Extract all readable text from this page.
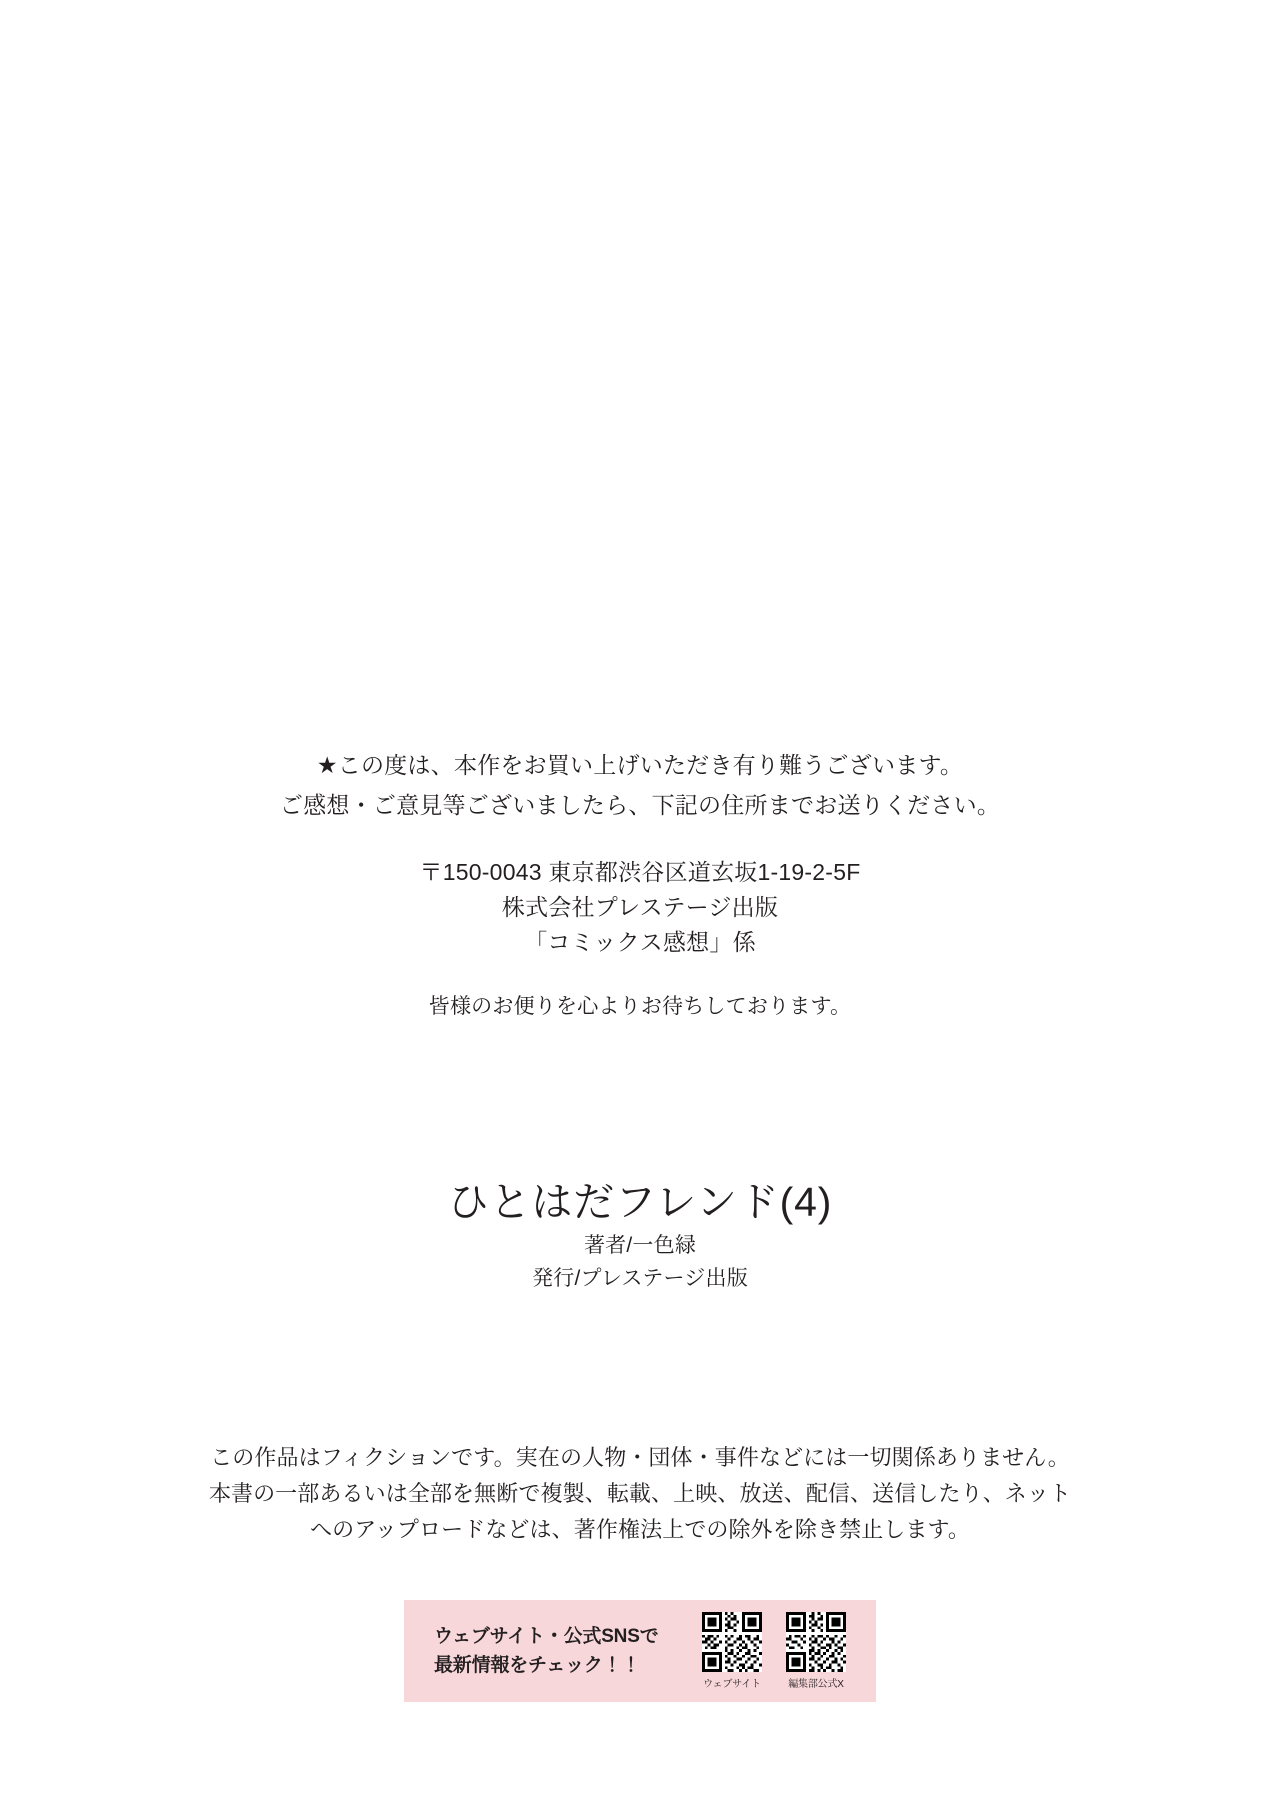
★この度は、本作をお買い上げいただき有り難うございます。
ご感想・ご意見等ございましたら、下記の住所までお送りください。
〒150-0043 東京都渋谷区道玄坂1-19-2-5F
株式会社プレステージ出版
「コミックス感想」係
皆様のお便りを心よりお待ちしております。
ひとはだフレンド(4)
著者/一色緑
発行/プレステージ出版
この作品はフィクションです。実在の人物・団体・事件などには一切関係ありません。
本書の一部あるいは全部を無断で複製、転載、上映、放送、配信、送信したり、ネット
へのアップロードなどは、著作権法上での除外を除き禁止します。
ウェブサイト・公式SNSで
最新情報をチェック！！
ウェブサイト	編集部公式X
